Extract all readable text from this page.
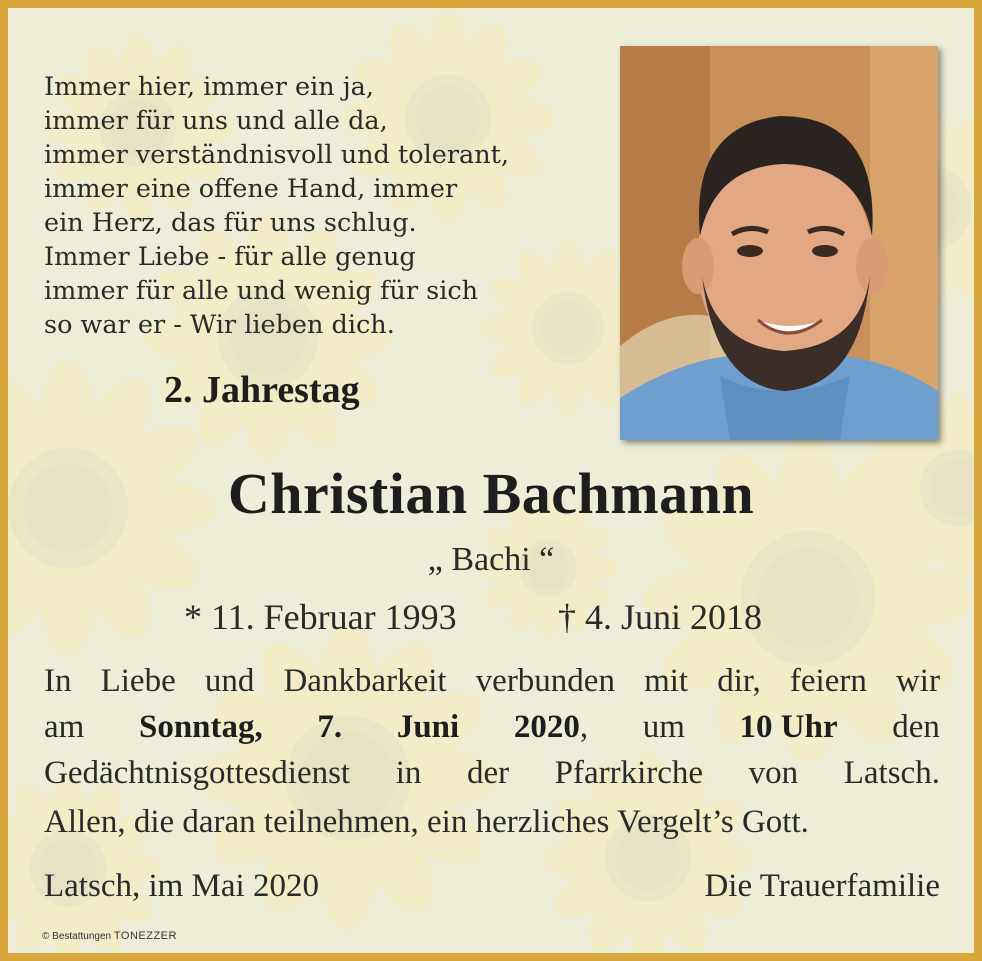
Immer hier, immer ein ja,
immer für uns und alle da,
immer verständnisvoll und tolerant,
immer eine offene Hand, immer
ein Herz, das für uns schlug.
Immer Liebe - für alle genug
immer für alle und wenig für sich
so war er - Wir lieben dich.
2. Jahrestag
Christian Bachmann
„ Bachi “
* 11. Februar 1993	† 4. Juni 2018
In Liebe und Dankbarkeit verbunden mit dir, feiern wir
am Sonntag, 7. Juni 2020, um 10 Uhr den
Gedächtnisgottesdienst in der Pfarrkirche von Latsch.
Allen, die daran teilnehmen, ein herzliches Vergelt’s Gott.
Latsch, im Mai 2020	Die Trauerfamilie
© Bestattungen TONEZZER
